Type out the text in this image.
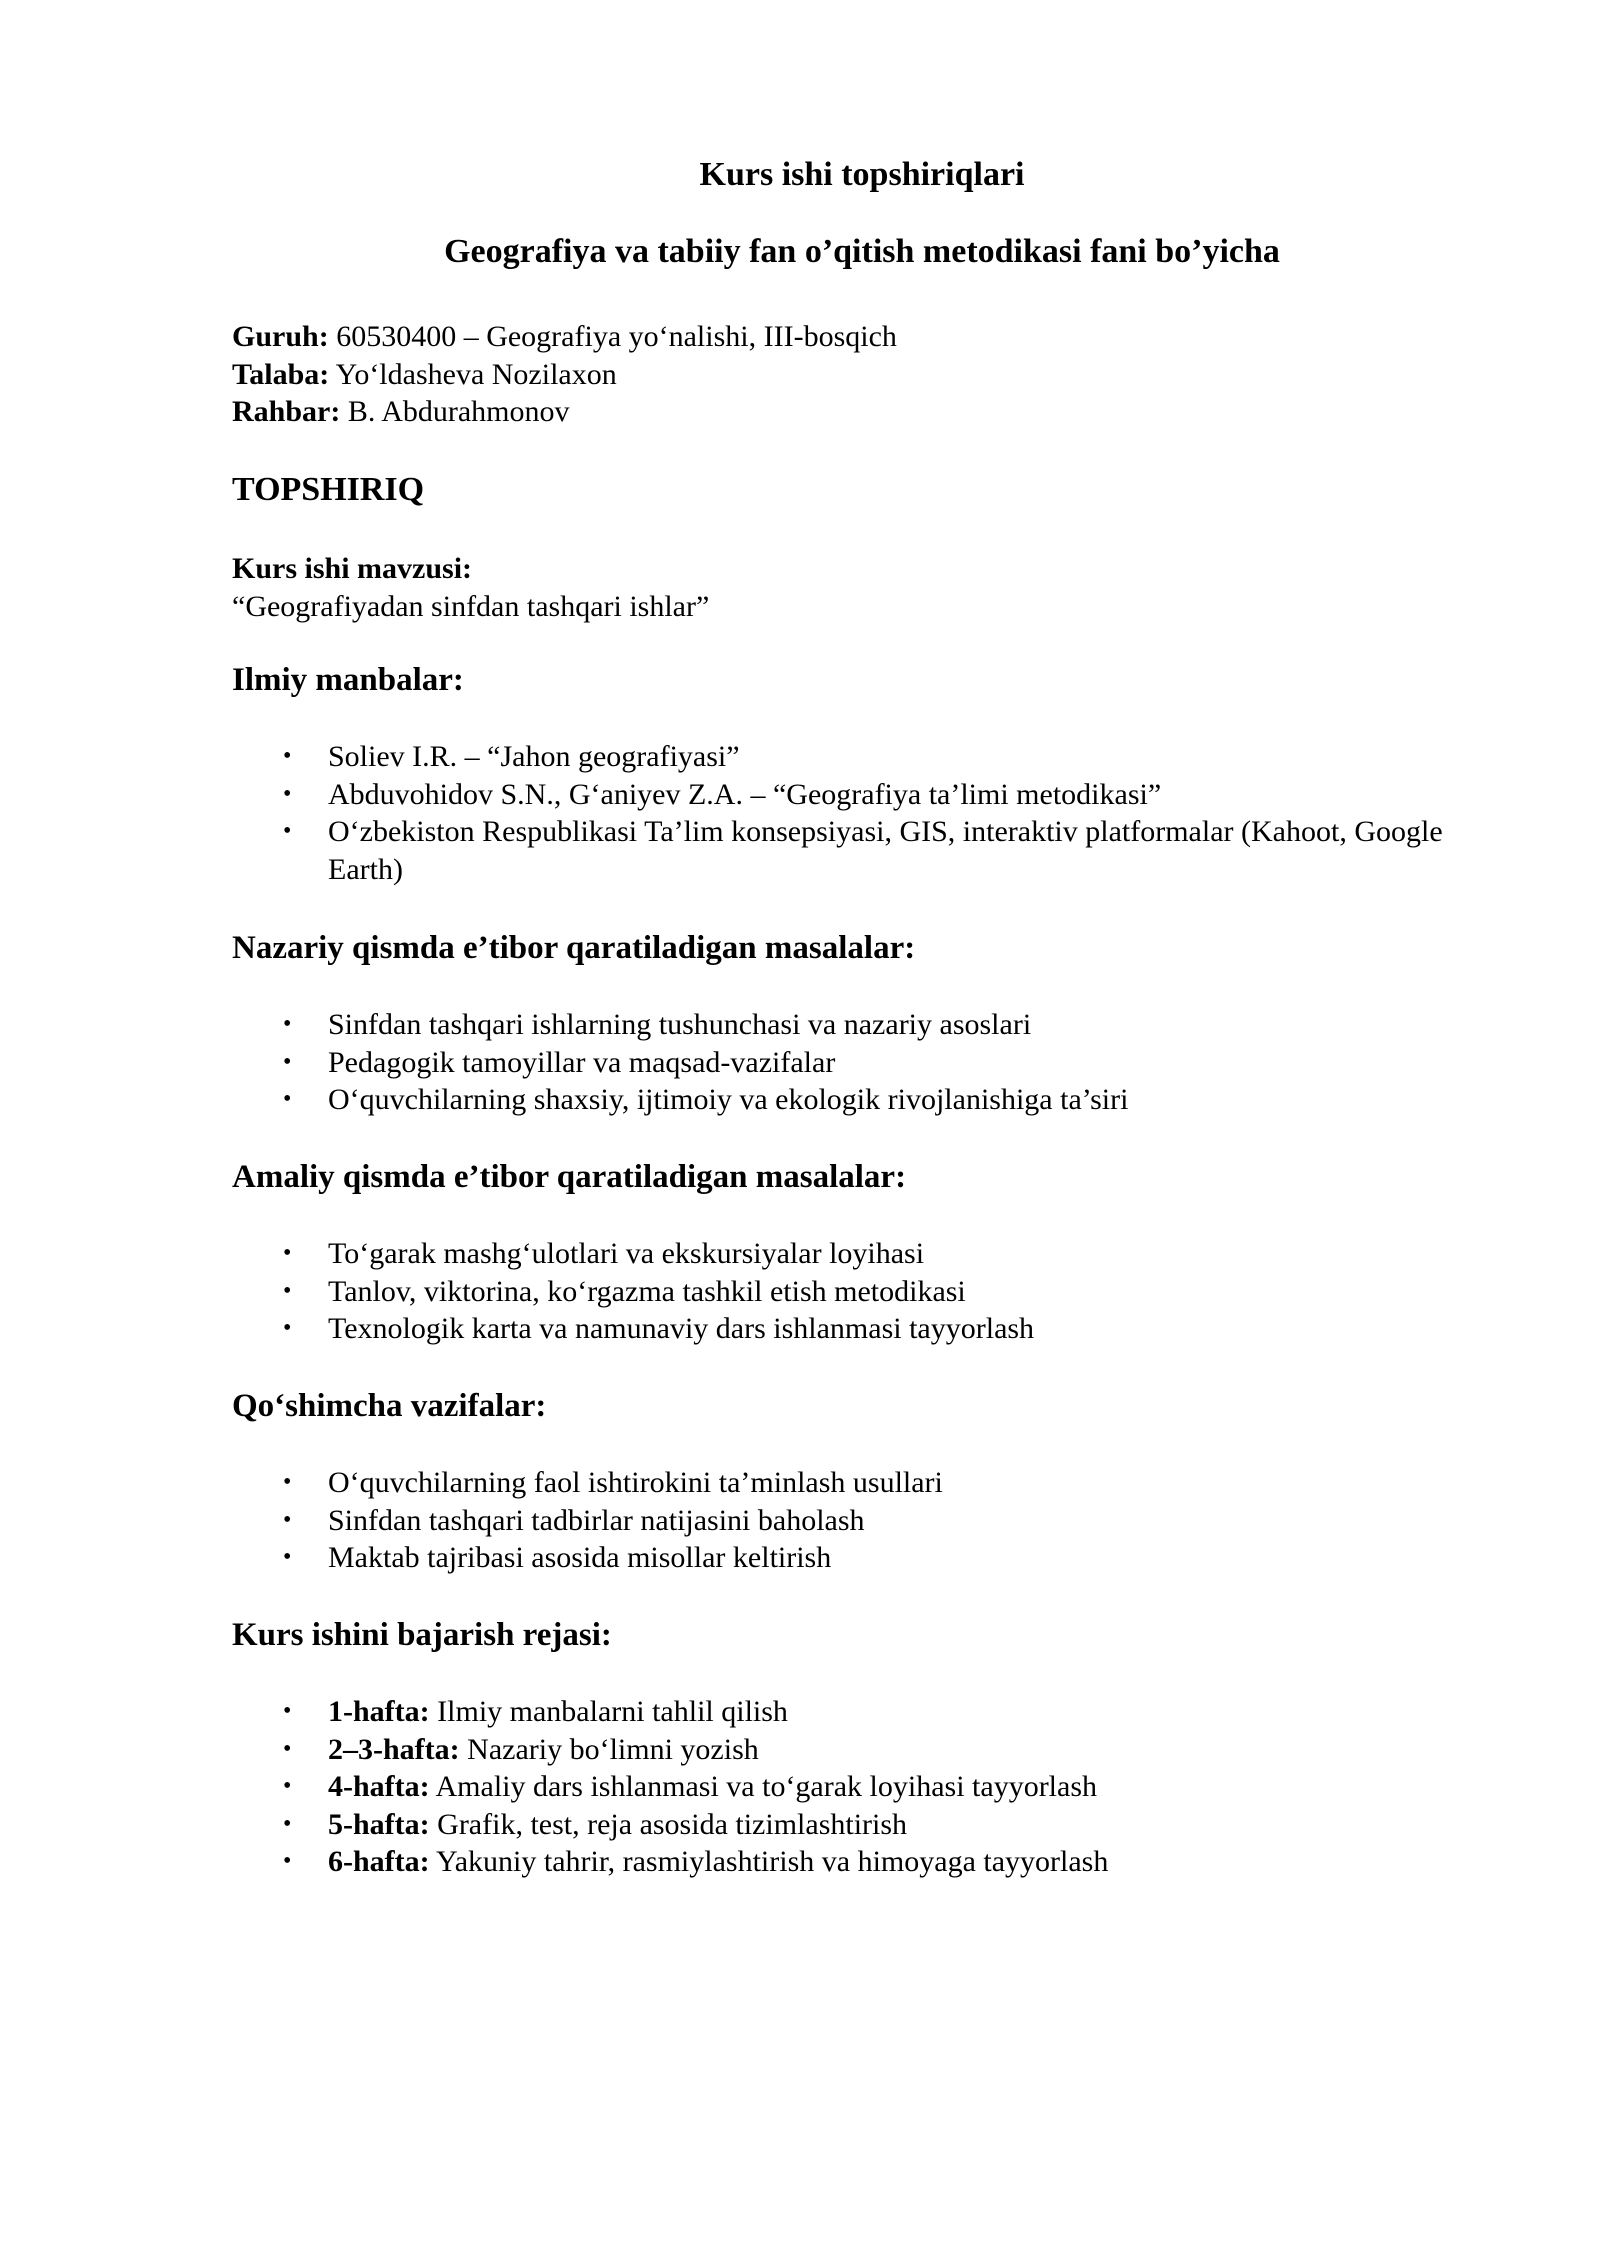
Kurs ishi topshiriqlari
Geografiya va tabiiy fan o’qitish metodikasi fani bo’yicha
Guruh: 60530400 – Geografiya yo‘nalishi, III-bosqich
Talaba: Yo‘ldasheva Nozilaxon
Rahbar: B. Abdurahmonov
TOPSHIRIQ
Kurs ishi mavzusi:
“Geografiyadan sinfdan tashqari ishlar”
Ilmiy manbalar:
• Soliev I.R. – “Jahon geografiyasi”
• Abduvohidov S.N., G‘aniyev Z.A. – “Geografiya ta’limi metodikasi”
• O‘zbekiston Respublikasi Ta’lim konsepsiyasi, GIS, interaktiv platformalar (Kahoot, Google Earth)
Nazariy qismda e’tibor qaratiladigan masalalar:
• Sinfdan tashqari ishlarning tushunchasi va nazariy asoslari
• Pedagogik tamoyillar va maqsad-vazifalar
• O‘quvchilarning shaxsiy, ijtimoiy va ekologik rivojlanishiga ta’siri
Amaliy qismda e’tibor qaratiladigan masalalar:
• To‘garak mashg‘ulotlari va ekskursiyalar loyihasi
• Tanlov, viktorina, ko‘rgazma tashkil etish metodikasi
• Texnologik karta va namunaviy dars ishlanmasi tayyorlash
Qo‘shimcha vazifalar:
• O‘quvchilarning faol ishtirokini ta’minlash usullari
• Sinfdan tashqari tadbirlar natijasini baholash
• Maktab tajribasi asosida misollar keltirish
Kurs ishini bajarish rejasi:
• 1-hafta: Ilmiy manbalarni tahlil qilish
• 2–3-hafta: Nazariy bo‘limni yozish
• 4-hafta: Amaliy dars ishlanmasi va to‘garak loyihasi tayyorlash
• 5-hafta: Grafik, test, reja asosida tizimlashtirish
• 6-hafta: Yakuniy tahrir, rasmiylashtirish va himoyaga tayyorlash
